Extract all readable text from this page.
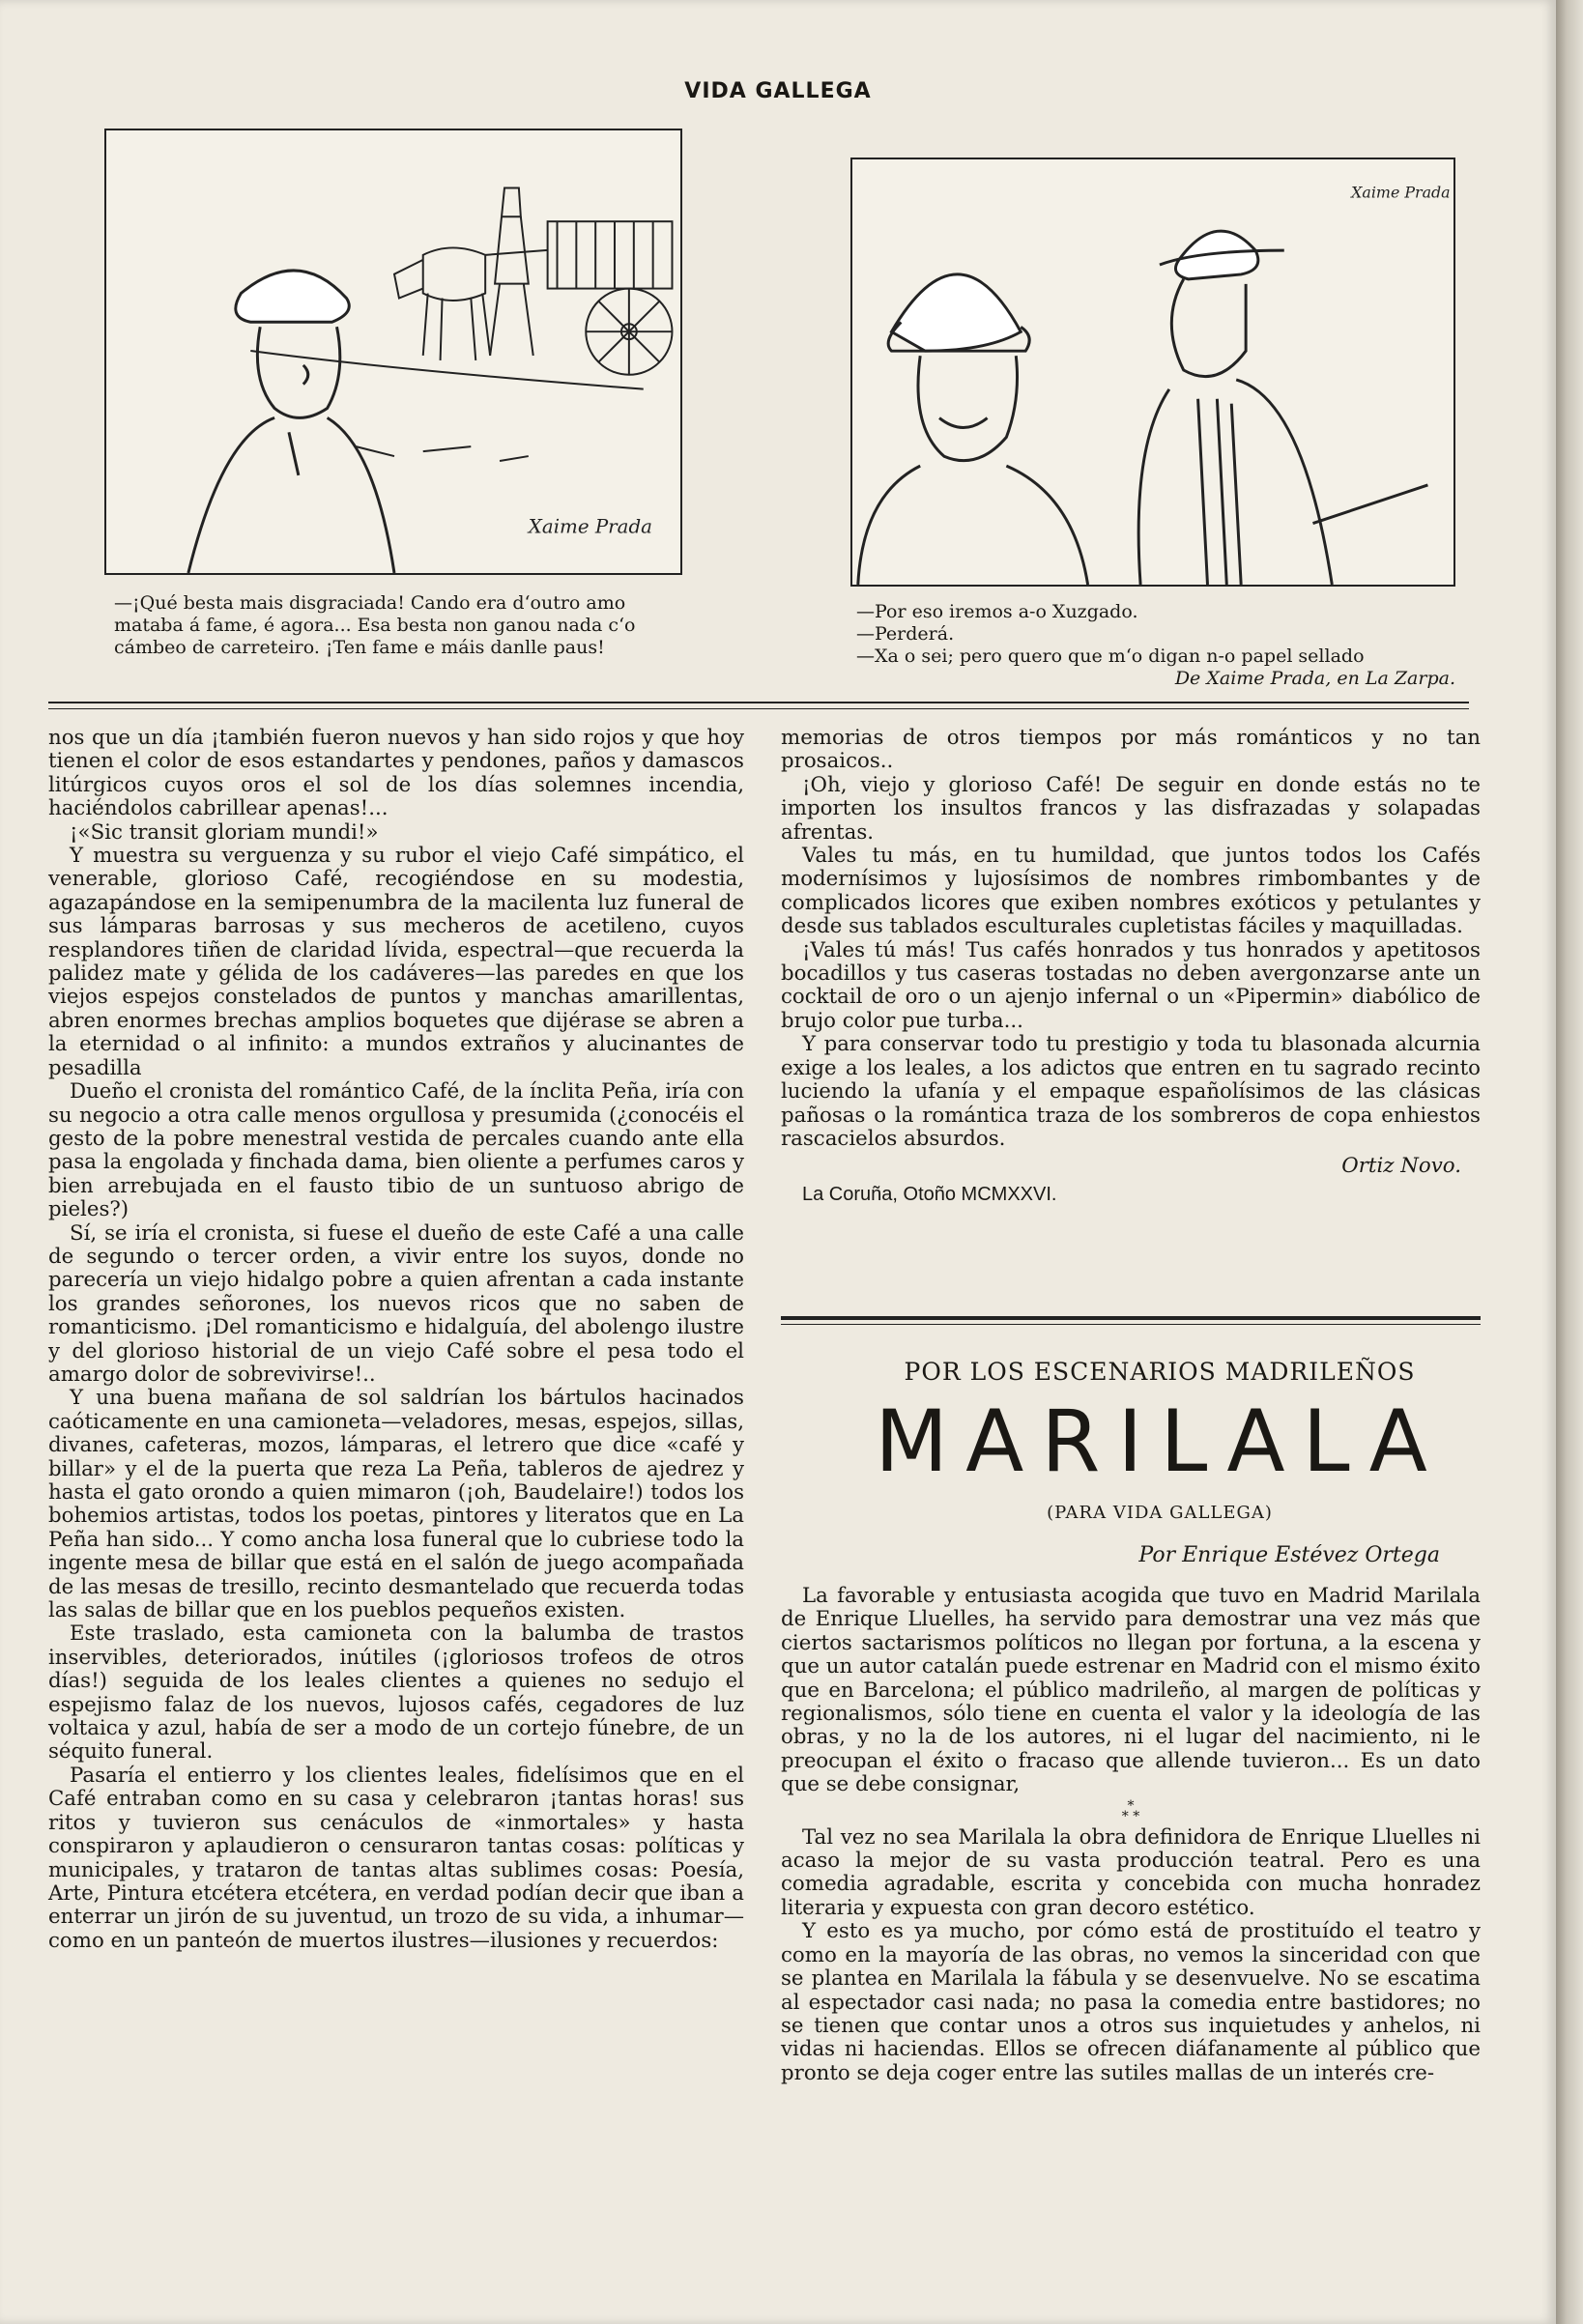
VIDA GALLEGA
Xaime Prada

—¡Qué besta mais disgraciada! Cando era d‘outro amo mataba á fame, é agora... Esa besta non ganou nada c‘o cámbeo de carreteiro. ¡Ten fame e máis danlle paus!

Xaime Prada

—Por eso iremos a-o Xuzgado.

—Perderá.

—Xa o sei; pero quero que m‘o digan n-o papel sellado

De Xaime Prada, en La Zarpa.

nos que un día ¡también fueron nuevos y han sido rojos y que hoy tienen el color de esos estandartes y pendones, paños y damascos litúrgicos cuyos oros el sol de los días solemnes incendia, haciéndolos cabrillear apenas!...

¡«Sic transit gloriam mundi!»

Y muestra su verguenza y su rubor el viejo Café simpático, el venerable, glorioso Café, recogiéndose en su modestia, agazapándose en la semipenumbra de la macilenta luz funeral de sus lámparas barrosas y sus mecheros de acetileno, cuyos resplandores tiñen de claridad lívida, espectral—que recuerda la palidez mate y gélida de los cadáveres—las paredes en que los viejos espejos constelados de puntos y manchas amarillentas, abren enormes brechas amplios boquetes que dijérase se abren a la eternidad o al infinito: a mundos extraños y alucinantes de pesadilla

Dueño el cronista del romántico Café, de la ínclita Peña, iría con su negocio a otra calle menos orgullosa y presumida (¿conocéis el gesto de la pobre menestral vestida de percales cuando ante ella pasa la engolada y finchada dama, bien oliente a perfumes caros y bien arrebujada en el fausto tibio de un suntuoso abrigo de pieles?)

Sí, se iría el cronista, si fuese el dueño de este Café a una calle de segundo o tercer orden, a vivir entre los suyos, donde no parecería un viejo hidalgo pobre a quien afrentan a cada instante los grandes señorones, los nuevos ricos que no saben de romanticismo. ¡Del romanticismo e hidalguía, del abolengo ilustre y del glorioso historial de un viejo Café sobre el pesa todo el amargo dolor de sobrevivirse!..

Y una buena mañana de sol saldrían los bártulos hacinados caóticamente en una camioneta—veladores, mesas, espejos, sillas, divanes, cafeteras, mozos, lámparas, el letrero que dice «café y billar» y el de la puerta que reza La Peña, tableros de ajedrez y hasta el gato orondo a quien mimaron (¡oh, Baudelaire!) todos los bohemios artistas, todos los poetas, pintores y literatos que en La Peña han sido... Y como ancha losa funeral que lo cubriese todo la ingente mesa de billar que está en el salón de juego acompañada de las mesas de tresillo, recinto desmantelado que recuerda todas las salas de billar que en los pueblos pequeños existen.

Este traslado, esta camioneta con la balumba de trastos inservibles, deteriorados, inútiles (¡gloriosos trofeos de otros días!) seguida de los leales clientes a quienes no sedujo el espejismo falaz de los nuevos, lujosos cafés, cegadores de luz voltaica y azul, había de ser a modo de un cortejo fúnebre, de un séquito funeral.

Pasaría el entierro y los clientes leales, fidelísimos que en el Café entraban como en su casa y celebraron ¡tantas horas! sus ritos y tuvieron sus cenáculos de «inmortales» y hasta conspiraron y aplaudieron o censuraron tantas cosas: políticas y municipales, y trataron de tantas altas sublimes cosas: Poesía, Arte, Pintura etcétera etcétera, en verdad podían decir que iban a enterrar un jirón de su juventud, un trozo de su vida, a inhumar—como en un panteón de muertos ilustres—ilusiones y recuerdos:

memorias de otros tiempos por más románticos y no tan prosaicos..

¡Oh, viejo y glorioso Café! De seguir en donde estás no te importen los insultos francos y las disfrazadas y solapadas afrentas.

Vales tu más, en tu humildad, que juntos todos los Cafés modernísimos y lujosísimos de nombres rimbombantes y de complicados licores que exiben nombres exóticos y petulantes y desde sus tablados esculturales cupletistas fáciles y maquilladas.

¡Vales tú más! Tus cafés honrados y tus honrados y apetitosos bocadillos y tus caseras tostadas no deben avergonzarse ante un cocktail de oro o un ajenjo infernal o un «Pipermin» diabólico de brujo color pue turba...

Y para conservar todo tu prestigio y toda tu blasonada alcurnia exige a los leales, a los adictos que entren en tu sagrado recinto luciendo la ufanía y el empaque españolísimos de las clásicas pañosas o la romántica traza de los sombreros de copa enhiestos rascacielos absurdos.

Ortiz Novo.

La Coruña, Otoño MCMXXVI.

POR LOS ESCENARIOS MADRILEÑOS
MARILALA
(PARA VIDA GALLEGA)
Por Enrique Estévez Ortega

La favorable y entusiasta acogida que tuvo en Madrid Marilala de Enrique Lluelles, ha servido para demostrar una vez más que ciertos sactarismos políticos no llegan por fortuna, a la escena y que un autor catalán puede estrenar en Madrid con el mismo éxito que en Barcelona; el público madrileño, al margen de políticas y regionalismos, sólo tiene en cuenta el valor y la ideología de las obras, y no la de los autores, ni el lugar del nacimiento, ni le preocupan el éxito o fracaso que allende tuvieron... Es un dato que se debe consignar,

*
* *

Tal vez no sea Marilala la obra definidora de Enrique Lluelles ni acaso la mejor de su vasta producción teatral. Pero es una comedia agradable, escrita y concebida con mucha honradez literaria y expuesta con gran decoro estético.

Y esto es ya mucho, por cómo está de prostituído el teatro y como en la mayoría de las obras, no vemos la sinceridad con que se plantea en Marilala la fábula y se desenvuelve. No se escatima al espectador casi nada; no pasa la comedia entre bastidores; no se tienen que contar unos a otros sus inquietudes y anhelos, ni vidas ni haciendas. Ellos se ofrecen diáfanamente al público que pronto se deja coger entre las sutiles mallas de un interés cre-
